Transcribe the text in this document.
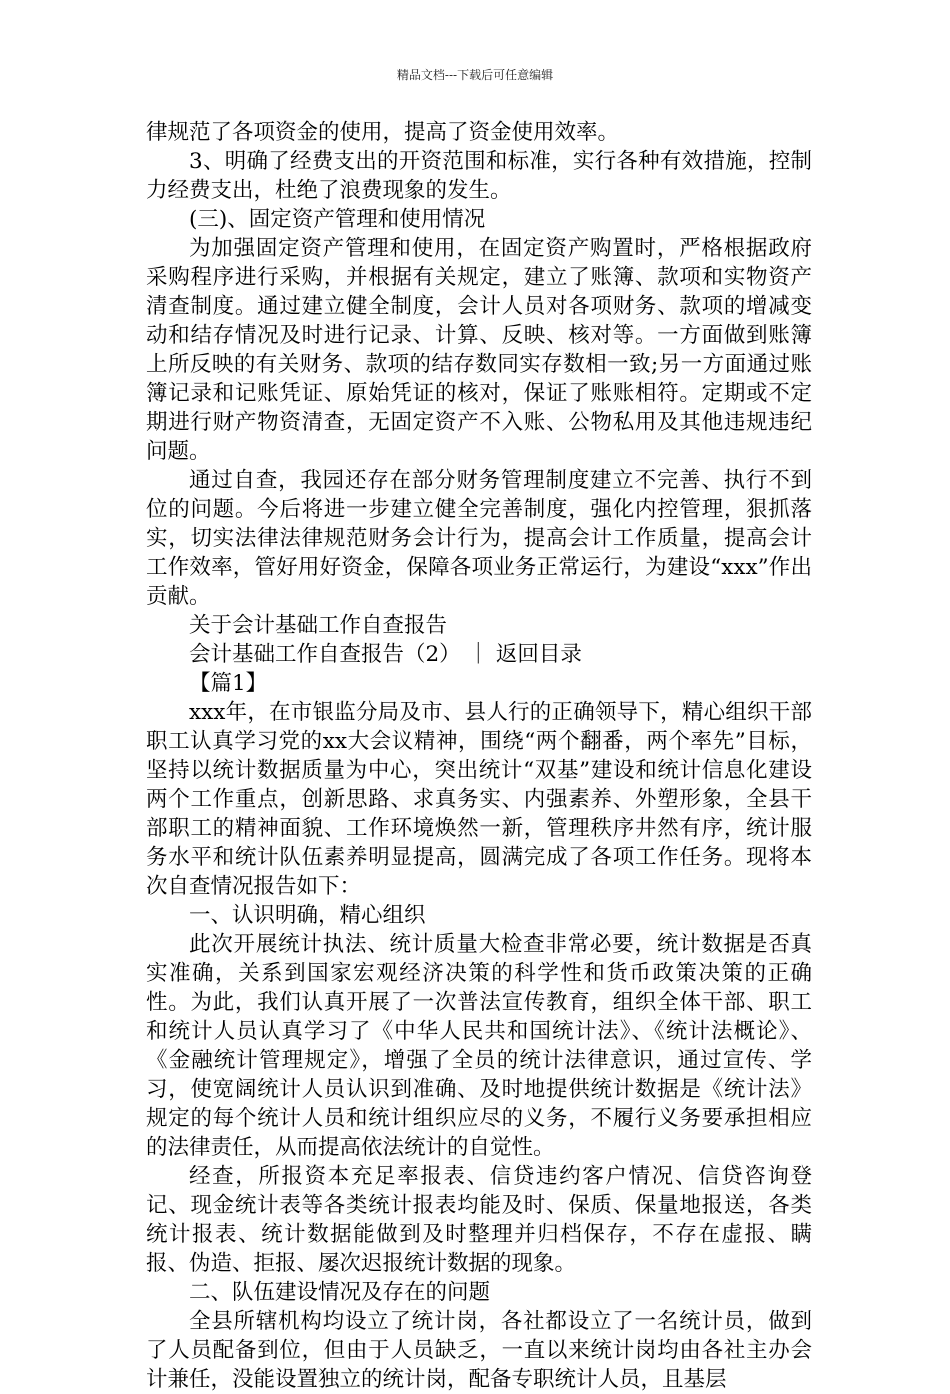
精品文档---下载后可任意编辑

律规范了各项资金的使用，提高了资金使用效率。

3、明确了经费支出的开资范围和标准，实行各种有效措施，控制力经费支出，杜绝了浪费现象的发生。

(三)、固定资产管理和使用情况

为加强固定资产管理和使用，在固定资产购置时，严格根据政府采购程序进行采购，并根据有关规定，建立了账簿、款项和实物资产清查制度。通过建立健全制度，会计人员对各项财务、款项的增减变动和结存情况及时进行记录、计算、反映、核对等。一方面做到账簿上所反映的有关财务、款项的结存数同实存数相一致;另一方面通过账簿记录和记账凭证、原始凭证的核对，保证了账账相符。定期或不定期进行财产物资清查，无固定资产不入账、公物私用及其他违规违纪问题。

通过自查，我园还存在部分财务管理制度建立不完善、执行不到位的问题。今后将进一步建立健全完善制度，强化内控管理，狠抓落实，切实法律法律规范财务会计行为，提高会计工作质量，提高会计工作效率，管好用好资金，保障各项业务正常运行，为建设“xxx”作出贡献。

关于会计基础工作自查报告

会计基础工作自查报告（2） ｜ 返回目录

【篇1】

xxx年，在市银监分局及市、县人行的正确领导下，精心组织干部职工认真学习党的xx大会议精神，围绕“两个翻番，两个率先”目标，坚持以统计数据质量为中心，突出统计“双基”建设和统计信息化建设两个工作重点，创新思路、求真务实、内强素养、外塑形象，全县干部职工的精神面貌、工作环境焕然一新，管理秩序井然有序，统计服务水平和统计队伍素养明显提高，圆满完成了各项工作任务。现将本次自查情况报告如下：

一、认识明确，精心组织

此次开展统计执法、统计质量大检查非常必要，统计数据是否真实准确，关系到国家宏观经济决策的科学性和货币政策决策的正确性。为此，我们认真开展了一次普法宣传教育，组织全体干部、职工和统计人员认真学习了《中华人民共和国统计法》、《统计法概论》、《金融统计管理规定》，增强了全员的统计法律意识，通过宣传、学习，使宽阔统计人员认识到准确、及时地提供统计数据是《统计法》规定的每个统计人员和统计组织应尽的义务，不履行义务要承担相应的法律责任，从而提高依法统计的自觉性。

经查，所报资本充足率报表、信贷违约客户情况、信贷咨询登记、现金统计表等各类统计报表均能及时、保质、保量地报送，各类统计报表、统计数据能做到及时整理并归档保存，不存在虚报、瞒报、伪造、拒报、屡次迟报统计数据的现象。

二、队伍建设情况及存在的问题

全县所辖机构均设立了统计岗，各社都设立了一名统计员，做到了人员配备到位，但由于人员缺乏，一直以来统计岗均由各社主办会计兼任，没能设置独立的统计岗，配备专职统计人员，且基层
